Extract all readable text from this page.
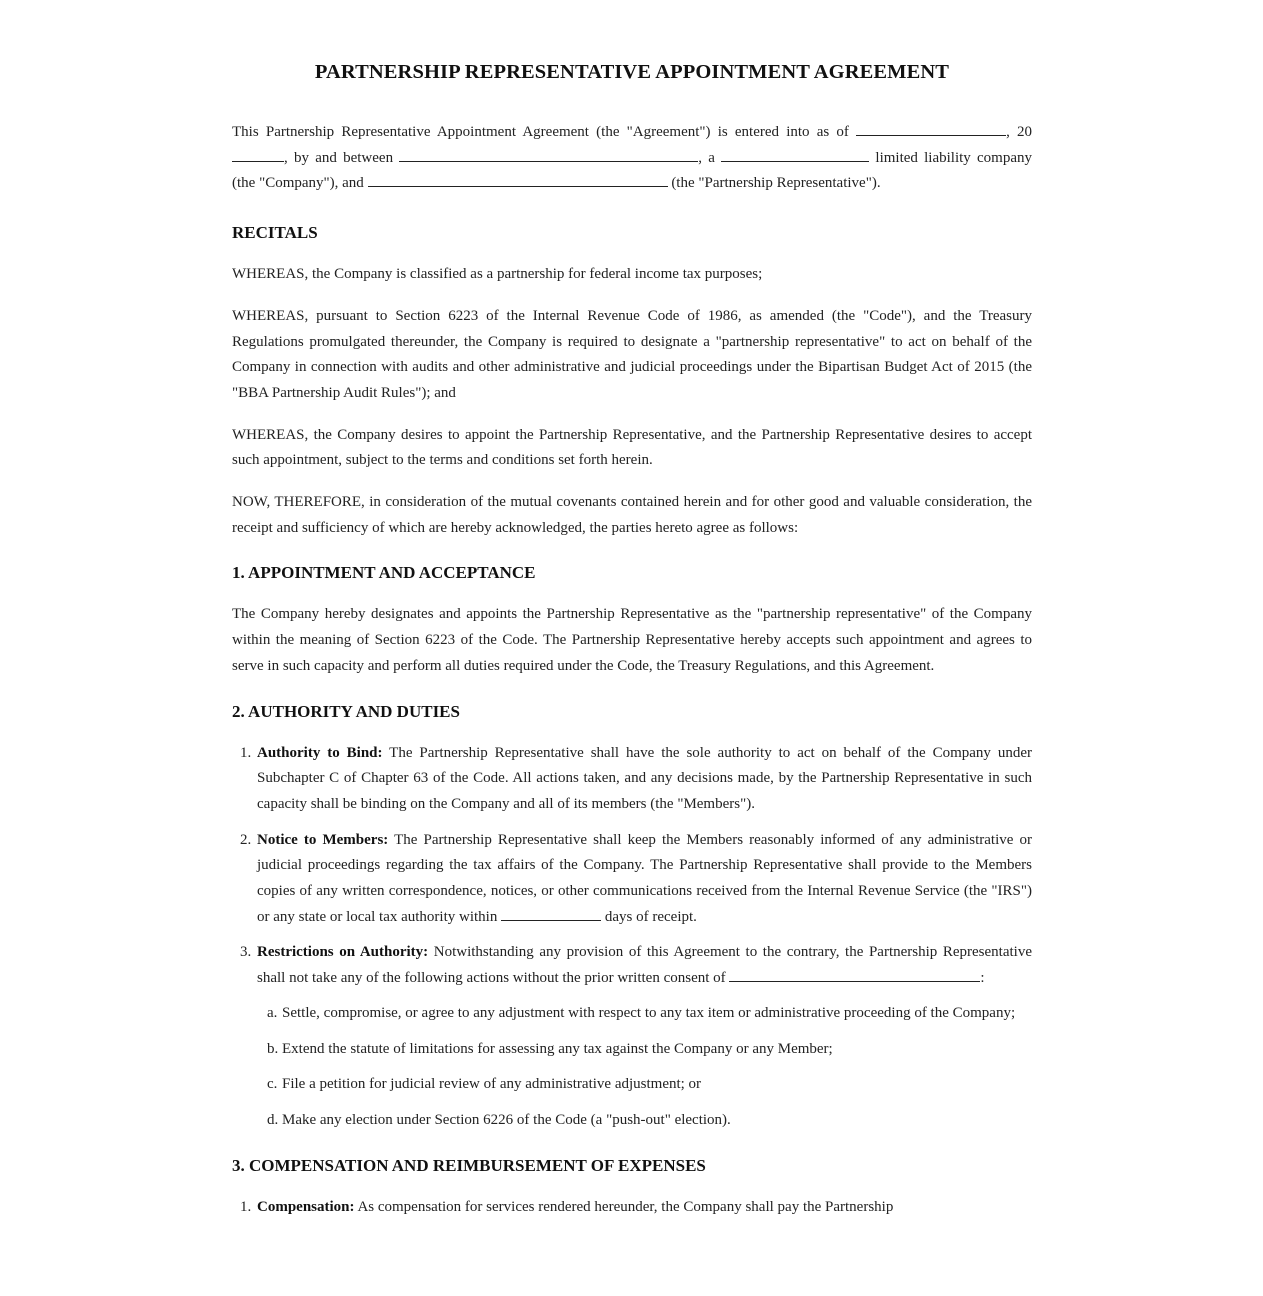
PARTNERSHIP REPRESENTATIVE APPOINTMENT AGREEMENT

This Partnership Representative Appointment Agreement (the "Agreement") is entered into as of	, 20 , by and between	, a	limited liability company (the "Company"), and	(the "Partnership Representative").

RECITALS

WHEREAS, the Company is classified as a partnership for federal income tax purposes;

WHEREAS, pursuant to Section 6223 of the Internal Revenue Code of 1986, as amended (the "Code"), and the Treasury Regulations promulgated thereunder, the Company is required to designate a "partnership representative" to act on behalf of the Company in connection with audits and other administrative and judicial proceedings under the Bipartisan Budget Act of 2015 (the "BBA Partnership Audit Rules"); and

WHEREAS, the Company desires to appoint the Partnership Representative, and the Partnership Representative desires to accept such appointment, subject to the terms and conditions set forth herein.

NOW, THEREFORE, in consideration of the mutual covenants contained herein and for other good and valuable consideration, the receipt and sufficiency of which are hereby acknowledged, the parties hereto agree as follows:

1. APPOINTMENT AND ACCEPTANCE

The Company hereby designates and appoints the Partnership Representative as the "partnership representative" of the Company within the meaning of Section 6223 of the Code. The Partnership Representative hereby accepts such appointment and agrees to serve in such capacity and perform all duties required under the Code, the Treasury Regulations, and this Agreement.

2. AUTHORITY AND DUTIES
1. Authority to Bind: The Partnership Representative shall have the sole authority to act on behalf of the Company under Subchapter C of Chapter 63 of the Code. All actions taken, and any decisions made, by the Partnership Representative in such capacity shall be binding on the Company and all of its members (the "Members").
2. Notice to Members: The Partnership Representative shall keep the Members reasonably informed of any administrative or judicial proceedings regarding the tax affairs of the Company. The Partnership Representative shall provide to the Members copies of any written correspondence, notices, or other communications received from the Internal Revenue Service (the "IRS") or any state or local tax authority within	days of receipt.
3. Restrictions on Authority: Notwithstanding any provision of this Agreement to the contrary, the Partnership Representative shall not take any of the following actions without the prior written consent of	:
a. Settle, compromise, or agree to any adjustment with respect to any tax item or administrative proceeding of the Company;
b. Extend the statute of limitations for assessing any tax against the Company or any Member;
c. File a petition for judicial review of any administrative adjustment; or
d. Make any election under Section 6226 of the Code (a "push-out" election).
3. COMPENSATION AND REIMBURSEMENT OF EXPENSES
1. Compensation: As compensation for services rendered hereunder, the Company shall pay the Partnership
